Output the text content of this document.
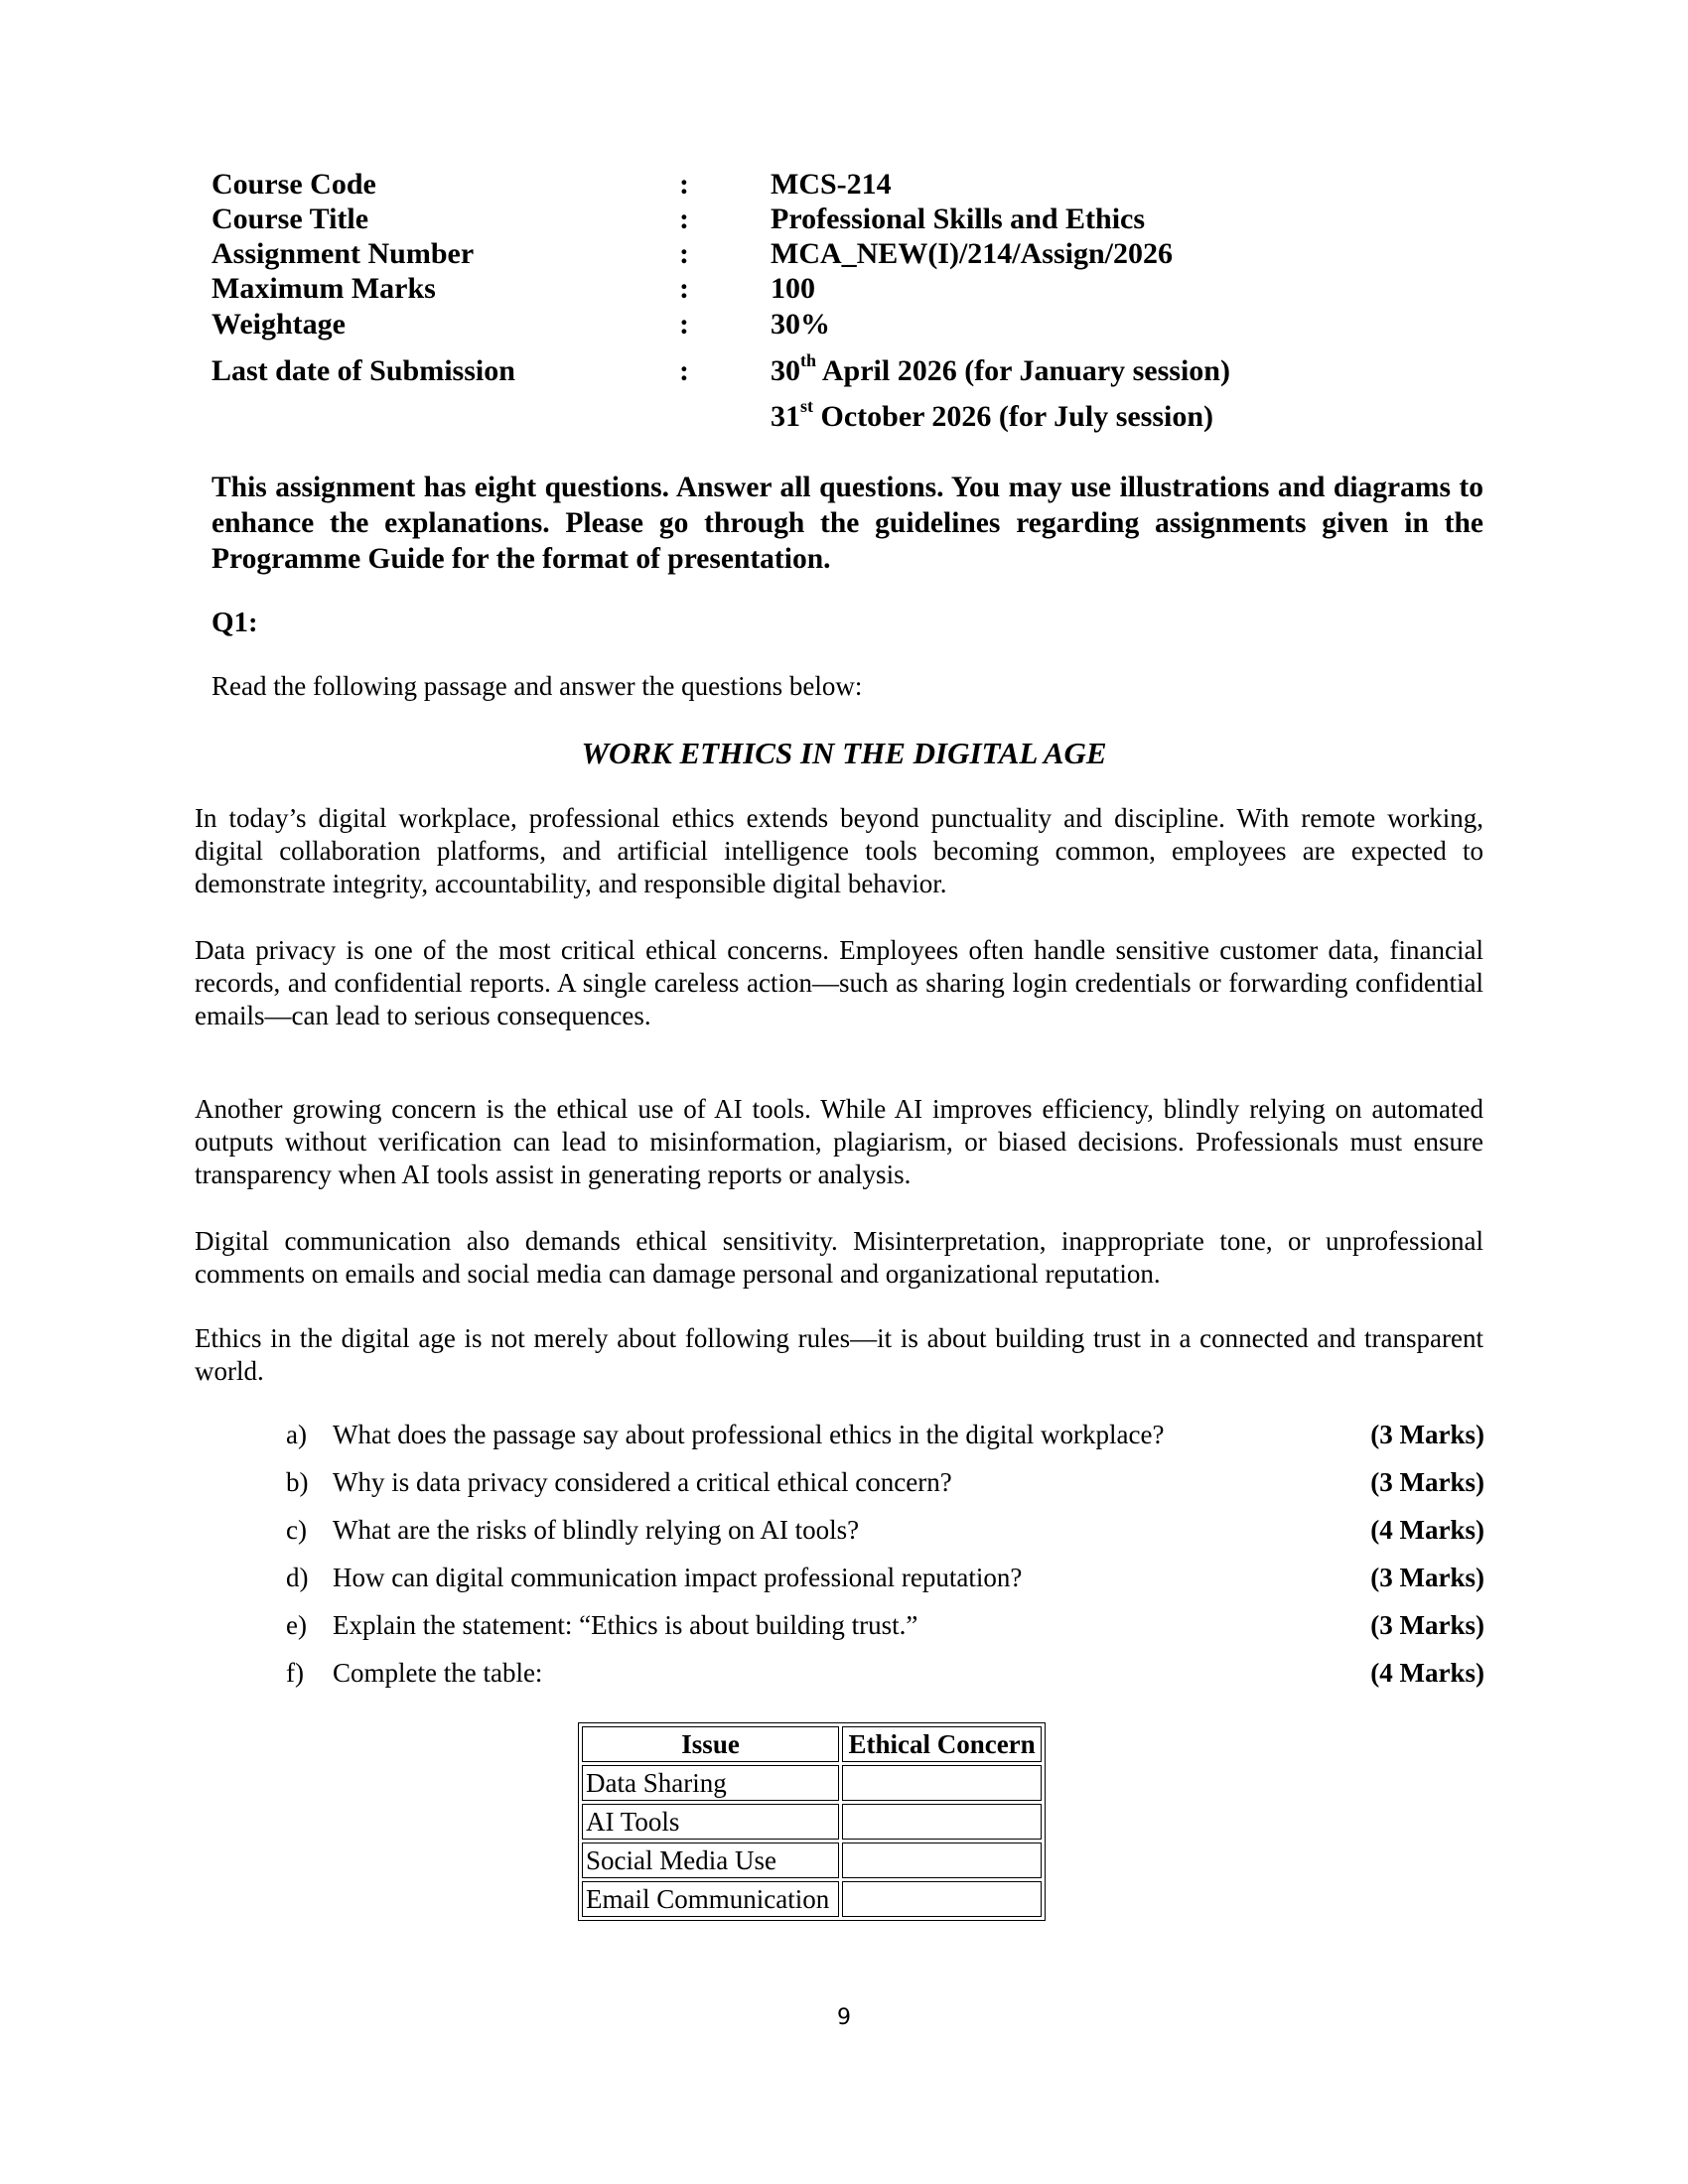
Course Code	:	MCS-214
Course Title	:	Professional Skills and Ethics
Assignment Number	:	MCA_NEW(I)/214/Assign/2026
Maximum Marks	:	100
Weightage	:	30%
Last date of Submission	:	30th April 2026 (for January session)
31st October 2026 (for July session)
This assignment has eight questions. Answer all questions. You may use illustrations and diagrams to enhance the explanations. Please go through the guidelines regarding assignments given in the Programme Guide for the format of presentation.
Q1:
Read the following passage and answer the questions below:
WORK ETHICS IN THE DIGITAL AGE
In today’s digital workplace, professional ethics extends beyond punctuality and discipline. With remote working, digital collaboration platforms, and artificial intelligence tools becoming common, employees are expected to demonstrate integrity, accountability, and responsible digital behavior.
Data privacy is one of the most critical ethical concerns. Employees often handle sensitive customer data, financial records, and confidential reports. A single careless action—such as sharing login credentials or forwarding confidential emails—can lead to serious consequences.
Another growing concern is the ethical use of AI tools. While AI improves efficiency, blindly relying on automated outputs without verification can lead to misinformation, plagiarism, or biased decisions. Professionals must ensure transparency when AI tools assist in generating reports or analysis.
Digital communication also demands ethical sensitivity. Misinterpretation, inappropriate tone, or unprofessional comments on emails and social media can damage personal and organizational reputation.
Ethics in the digital age is not merely about following rules—it is about building trust in a connected and transparent world.
a) What does the passage say about professional ethics in the digital workplace?	(3 Marks)
b) Why is data privacy considered a critical ethical concern?	(3 Marks)
c) What are the risks of blindly relying on AI tools?	(4 Marks)
d) How can digital communication impact professional reputation?	(3 Marks)
e) Explain the statement: “Ethics is about building trust.”	(3 Marks)
f) Complete the table:	(4 Marks)
Issue	Ethical Concern
Data Sharing	
AI Tools	
Social Media Use	
Email Communication	
9
